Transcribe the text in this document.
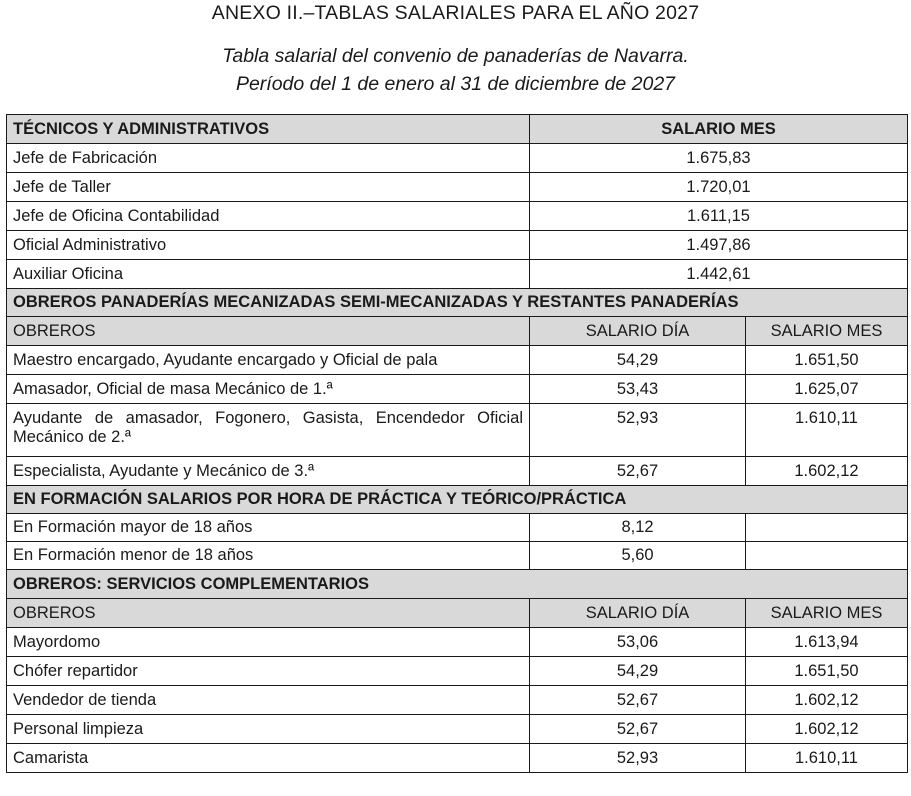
ANEXO II.–TABLAS SALARIALES PARA EL AÑO 2027
Tabla salarial del convenio de panaderías de Navarra.
Período del 1 de enero al 31 de diciembre de 2027
TÉCNICOS Y ADMINISTRATIVOS	SALARIO MES	
Jefe de Fabricación	1.675,83	
Jefe de Taller	1.720,01	
Jefe de Oficina Contabilidad	1.611,15	
Oficial Administrativo	1.497,86	
Auxiliar Oficina	1.442,61	
OBREROS PANADERÍAS MECANIZADAS SEMI-MECANIZADAS Y RESTANTES PANADERÍAS		
OBREROS	SALARIO DÍA	SALARIO MES
Maestro encargado, Ayudante encargado y Oficial de pala	54,29	1.651,50
Amasador, Oficial de masa Mecánico de 1.ª	53,43	1.625,07
Ayudante de amasador, Fogonero, Gasista, Encendedor Oficial Mecánico de 2.ª	52,93	1.610,11
Especialista, Ayudante y Mecánico de 3.ª	52,67	1.602,12
EN FORMACIÓN SALARIOS POR HORA DE PRÁCTICA Y TEÓRICO/PRÁCTICA		
En Formación mayor de 18 años	8,12	
En Formación menor de 18 años	5,60	
OBREROS: SERVICIOS COMPLEMENTARIOS		
OBREROS	SALARIO DÍA	SALARIO MES
Mayordomo	53,06	1.613,94
Chófer repartidor	54,29	1.651,50
Vendedor de tienda	52,67	1.602,12
Personal limpieza	52,67	1.602,12
Camarista	52,93	1.610,11
